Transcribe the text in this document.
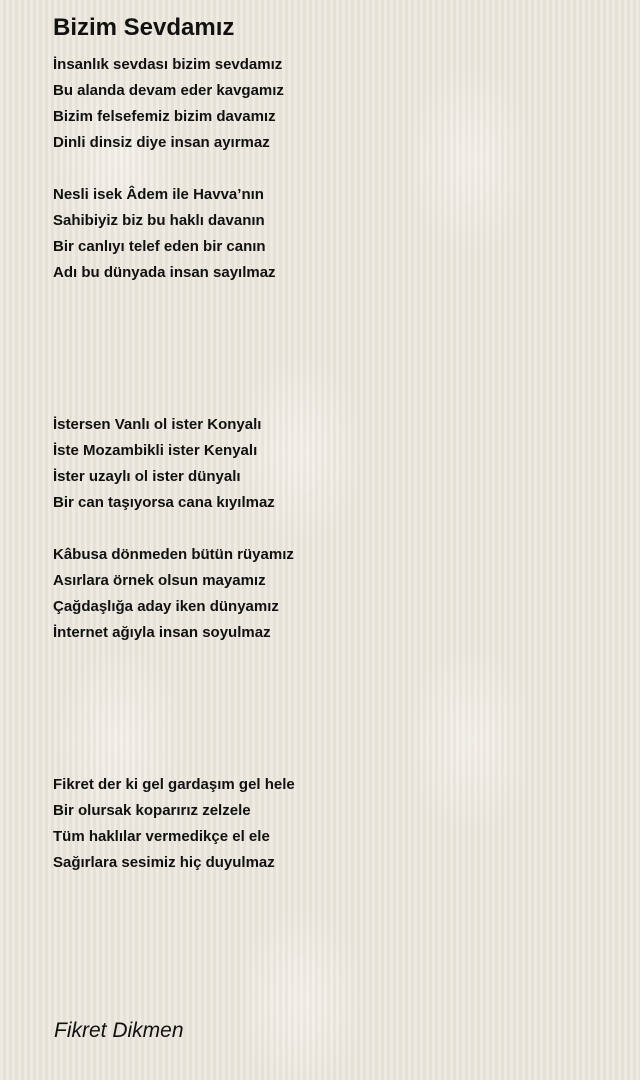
Bizim Sevdamız
İnsanlık sevdası bizim sevdamız
Bu alanda devam eder kavgamız
Bizim felsefemiz bizim davamız
Dinli dinsiz diye insan ayırmaz
Nesli isek Âdem ile Havva’nın
Sahibiyiz biz bu haklı davanın
Bir canlıyı telef eden bir canın
Adı bu dünyada insan sayılmaz
İstersen Vanlı ol ister Konyalı
İste Mozambikli ister Kenyalı
İster uzaylı ol ister dünyalı
Bir can taşıyorsa cana kıyılmaz
Kâbusa dönmeden bütün rüyamız
Asırlara örnek olsun mayamız
Çağdaşlığa aday iken dünyamız
İnternet ağıyla insan soyulmaz
Fikret der ki gel gardaşım gel hele
Bir olursak koparırız zelzele
Tüm haklılar vermedikçe el ele
Sağırlara sesimiz hiç duyulmaz
Fikret Dikmen
